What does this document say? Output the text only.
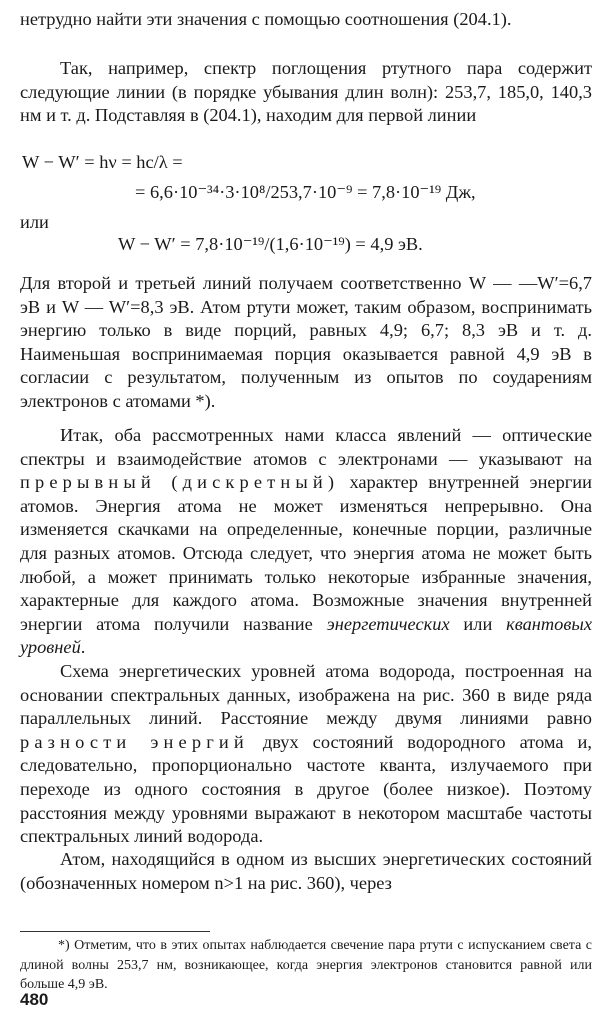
нетрудно найти эти значения с помощью соотношения (204.1).

Так, например, спектр поглощения ртутного пара содержит следующие линии (в порядке убывания длин волн): 253,7, 185,0, 140,3 нм и т. д. Подставляя в (204.1), находим для первой линии

W − W′ = hν = hc/λ =

= 6,6·10⁻³⁴·3·10⁸/253,7·10⁻⁹ = 7,8·10⁻¹⁹ Дж,

или

W − W′ = 7,8·10⁻¹⁹/(1,6·10⁻¹⁹) = 4,9 эВ.

Для второй и третьей линий получаем соответственно W — —W′=6,7 эВ и W — W′=8,3 эВ. Атом ртути может, таким образом, воспринимать энергию только в виде порций, равных 4,9; 6,7; 8,3 эВ и т. д. Наименьшая воспринимаемая порция оказывается равной 4,9 эВ в согласии с результатом, полученным из опытов по соударениям электронов с атомами *).

Итак, оба рассмотренных нами класса явлений — оптические спектры и взаимодействие атомов с электронами — указывают на прерывный (дискретный) характер внутренней энергии атомов. Энергия атома не может изменяться непрерывно. Она изменяется скачками на определенные, конечные порции, различные для разных атомов. Отсюда следует, что энергия атома не может быть любой, а может принимать только некоторые избранные значения, характерные для каждого атома. Возможные значения внутренней энергии атома получили название энергетических или квантовых уровней.

Схема энергетических уровней атома водорода, построенная на основании спектральных данных, изображена на рис. 360 в виде ряда параллельных линий. Расстояние между двумя линиями равно разности энергий двух состояний водородного атома и, следовательно, пропорционально частоте кванта, излучаемого при переходе из одного состояния в другое (более низкое). Поэтому расстояния между уровнями выражают в некотором масштабе частоты спектральных линий водорода.

Атом, находящийся в одном из высших энергетических состояний (обозначенных номером n>1 на рис. 360), через

*) Отметим, что в этих опытах наблюдается свечение пара ртути с испусканием света с длиной волны 253,7 нм, возникающее, когда энергия электронов становится равной или больше 4,9 эВ.

480
